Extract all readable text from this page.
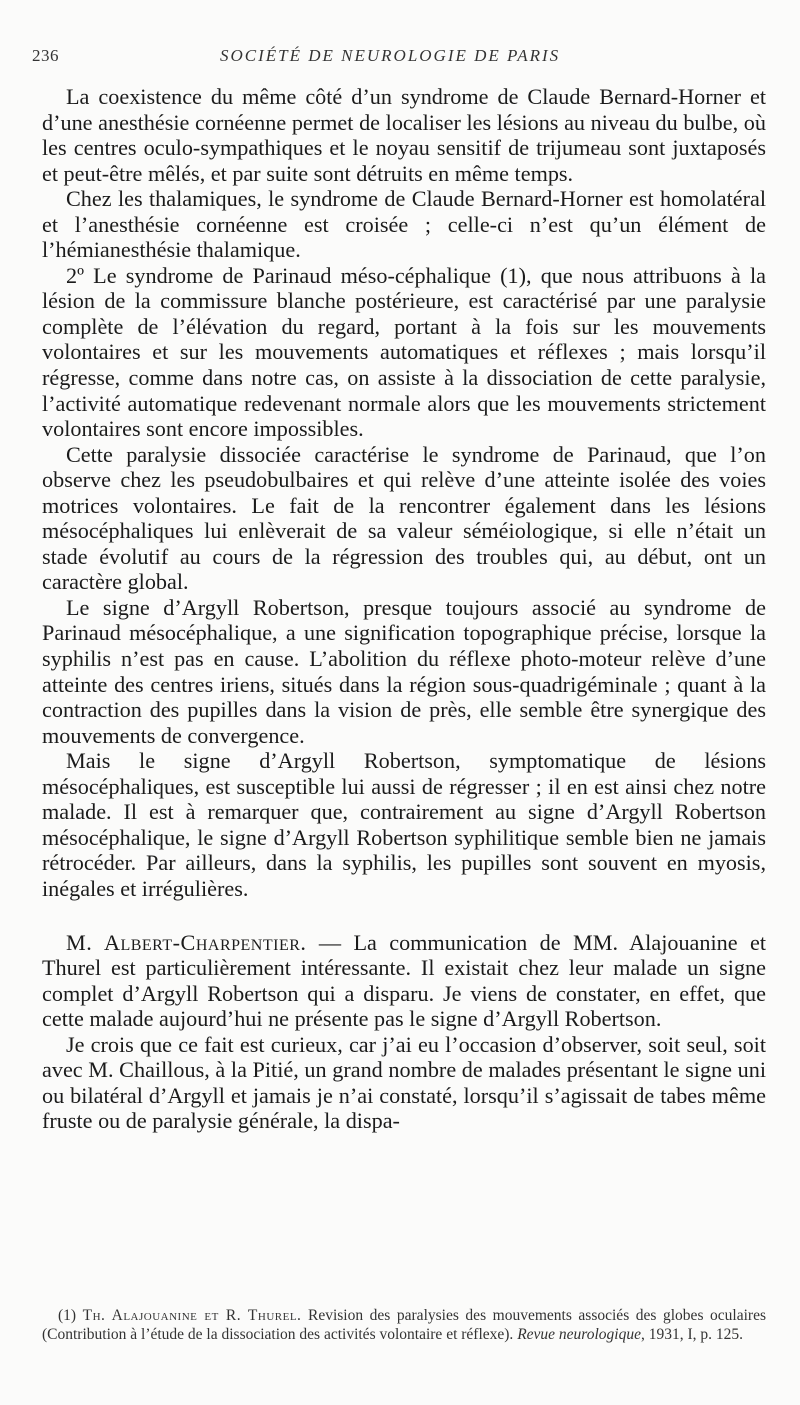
236	SOCIÉTÉ DE NEUROLOGIE DE PARIS

La coexistence du même côté d’un syndrome de Claude Bernard-Horner et d’une anesthésie cornéenne permet de localiser les lésions au niveau du bulbe, où les centres oculo-sympathiques et le noyau sensitif de trijumeau sont juxtaposés et peut-être mêlés, et par suite sont détruits en même temps.

Chez les thalamiques, le syndrome de Claude Bernard-Horner est homolatéral et l’anesthésie cornéenne est croisée ; celle-ci n’est qu’un élément de l’hémianesthésie thalamique.

2º Le syndrome de Parinaud méso-céphalique (1), que nous attribuons à la lésion de la commissure blanche postérieure, est caractérisé par une paralysie complète de l’élévation du regard, portant à la fois sur les mouvements volontaires et sur les mouvements automatiques et réflexes ; mais lorsqu’il régresse, comme dans notre cas, on assiste à la dissociation de cette paralysie, l’activité automatique redevenant normale alors que les mouvements strictement volontaires sont encore impossibles.

Cette paralysie dissociée caractérise le syndrome de Parinaud, que l’on observe chez les pseudobulbaires et qui relève d’une atteinte isolée des voies motrices volontaires. Le fait de la rencontrer également dans les lésions mésocéphaliques lui enlèverait de sa valeur séméiologique, si elle n’était un stade évolutif au cours de la régression des troubles qui, au début, ont un caractère global.

Le signe d’Argyll Robertson, presque toujours associé au syndrome de Parinaud mésocéphalique, a une signification topographique précise, lorsque la syphilis n’est pas en cause. L’abolition du réflexe photo-moteur relève d’une atteinte des centres iriens, situés dans la région sous-quadrigéminale ; quant à la contraction des pupilles dans la vision de près, elle semble être synergique des mouvements de convergence.

Mais le signe d’Argyll Robertson, symptomatique de lésions mésocéphaliques, est susceptible lui aussi de régresser ; il en est ainsi chez notre malade. Il est à remarquer que, contrairement au signe d’Argyll Robertson mésocéphalique, le signe d’Argyll Robertson syphilitique semble bien ne jamais rétrocéder. Par ailleurs, dans la syphilis, les pupilles sont souvent en myosis, inégales et irrégulières.

M. Albert-Charpentier. — La communication de MM. Alajouanine et Thurel est particulièrement intéressante. Il existait chez leur malade un signe complet d’Argyll Robertson qui a disparu. Je viens de constater, en effet, que cette malade aujourd’hui ne présente pas le signe d’Argyll Robertson.

Je crois que ce fait est curieux, car j’ai eu l’occasion d’observer, soit seul, soit avec M. Chaillous, à la Pitié, un grand nombre de malades présentant le signe uni ou bilatéral d’Argyll et jamais je n’ai constaté, lorsqu’il s’agissait de tabes même fruste ou de paralysie générale, la dispa-

(1) Th. Alajouanine et R. Thurel. Revision des paralysies des mouvements associés des globes oculaires (Contribution à l’étude de la dissociation des activités volontaire et réflexe). Revue neurologique, 1931, I, p. 125.
